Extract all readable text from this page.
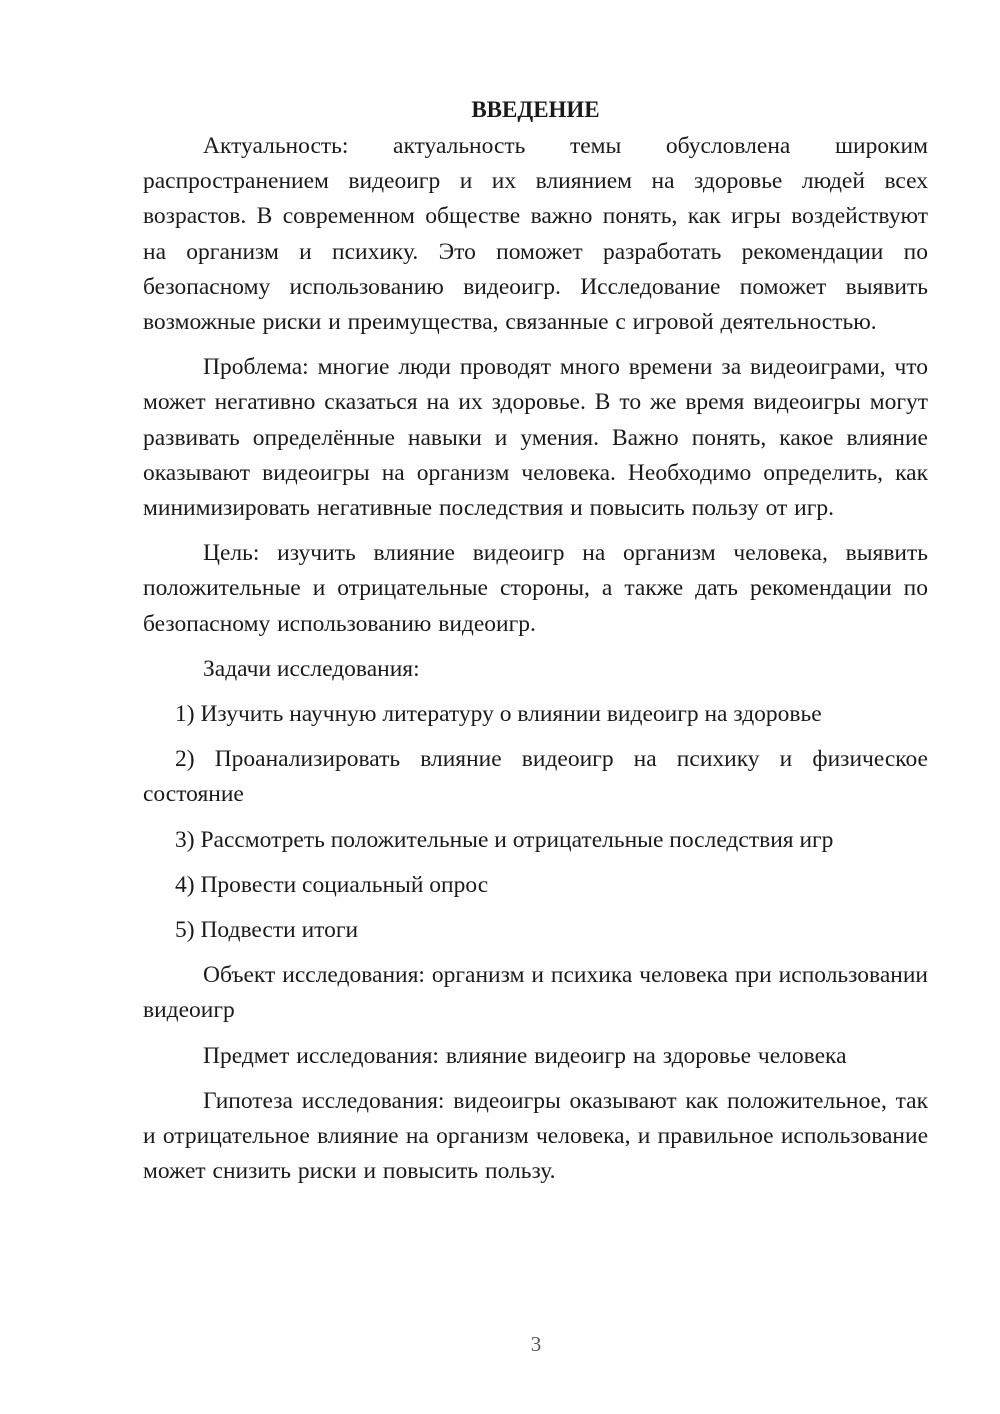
ВВЕДЕНИЕ

Актуальность: актуальность темы обусловлена широким распространением видеоигр и их влиянием на здоровье людей всех возрастов. В современном обществе важно понять, как игры воздействуют на организм и психику. Это поможет разработать рекомендации по безопасному использованию видеоигр. Исследование поможет выявить возможные риски и преимущества, связанные с игровой деятельностью.

Проблема: многие люди проводят много времени за видеоиграми, что может негативно сказаться на их здоровье. В то же время видеоигры могут развивать определённые навыки и умения. Важно понять, какое влияние оказывают видеоигры на организм человека. Необходимо определить, как минимизировать негативные последствия и повысить пользу от игр.

Цель: изучить влияние видеоигр на организм человека, выявить положительные и отрицательные стороны, а также дать рекомендации по безопасному использованию видеоигр.

Задачи исследования:

1) Изучить научную литературу о влиянии видеоигр на здоровье

2) Проанализировать влияние видеоигр на психику и физическое состояние

3) Рассмотреть положительные и отрицательные последствия игр

4) Провести социальный опрос

5) Подвести итоги

Объект исследования: организм и психика человека при использовании видеоигр

Предмет исследования: влияние видеоигр на здоровье человека

Гипотеза исследования: видеоигры оказывают как положительное, так и отрицательное влияние на организм человека, и правильное использование может снизить риски и повысить пользу.

3
